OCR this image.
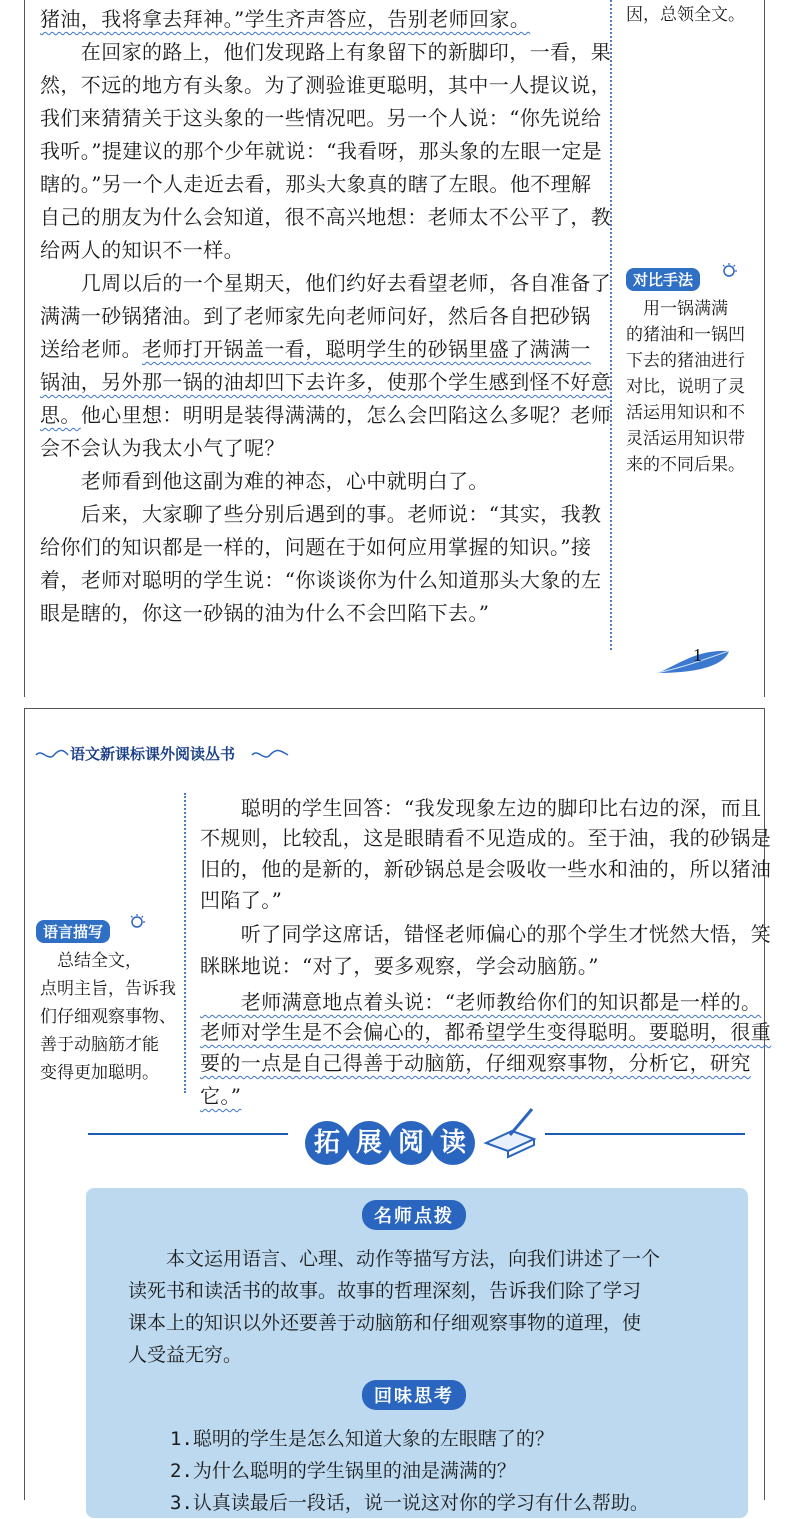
猪油，我将拿去拜神。”学生齐声答应，告别老师回家。

　　在回家的路上，他们发现路上有象留下的新脚印，一看，果

然，不远的地方有头象。为了测验谁更聪明，其中一人提议说，

我们来猜猜关于这头象的一些情况吧。另一个人说：“你先说给

我听。”提建议的那个少年就说：“我看呀，那头象的左眼一定是

瞎的。”另一个人走近去看，那头大象真的瞎了左眼。他不理解

自己的朋友为什么会知道，很不高兴地想：老师太不公平了，教

给两人的知识不一样。

　　几周以后的一个星期天，他们约好去看望老师，各自准备了

满满一砂锅猪油。到了老师家先向老师问好，然后各自把砂锅

送给老师。老师打开锅盖一看，聪明学生的砂锅里盛了满满一

锅油，另外那一锅的油却凹下去许多，使那个学生感到怪不好意

思。他心里想：明明是装得满满的，怎么会凹陷这么多呢？老师

会不会认为我太小气了呢？

　　老师看到他这副为难的神态，心中就明白了。

　　后来，大家聊了些分别后遇到的事。老师说：“其实，我教

给你们的知识都是一样的，问题在于如何应用掌握的知识。”接

着，老师对聪明的学生说：“你谈谈你为什么知道那头大象的左

眼是瞎的，你这一砂锅的油为什么不会凹陷下去。”

因，总领全文。

对比手法

　用一锅满满

的猪油和一锅凹

下去的猪油进行

对比，说明了灵

活运用知识和不

灵活运用知识带

来的不同后果。

1
语文新课标课外阅读丛书

　　聪明的学生回答：“我发现象左边的脚印比右边的深，而且

不规则，比较乱，这是眼睛看不见造成的。至于油，我的砂锅是

旧的，他的是新的，新砂锅总是会吸收一些水和油的，所以猪油

凹陷了。”

　　听了同学这席话，错怪老师偏心的那个学生才恍然大悟，笑

眯眯地说：“对了，要多观察，学会动脑筋。”

　　老师满意地点着头说：“老师教给你们的知识都是一样的。

老师对学生是不会偏心的，都希望学生变得聪明。要聪明，很重

要的一点是自己得善于动脑筋，仔细观察事物，分析它，研究它。”

语言描写

　总结全文，

点明主旨，告诉我

们仔细观察事物、

善于动脑筋才能

变得更加聪明。

拓 展 阅 读
名师点拨

　　本文运用语言、心理、动作等描写方法，向我们讲述了一个

读死书和读活书的故事。故事的哲理深刻，告诉我们除了学习

课本上的知识以外还要善于动脑筋和仔细观察事物的道理，使

人受益无穷。

回味思考

1.聪明的学生是怎么知道大象的左眼瞎了的？

2.为什么聪明的学生锅里的油是满满的？

3.认真读最后一段话，说一说这对你的学习有什么帮助。
